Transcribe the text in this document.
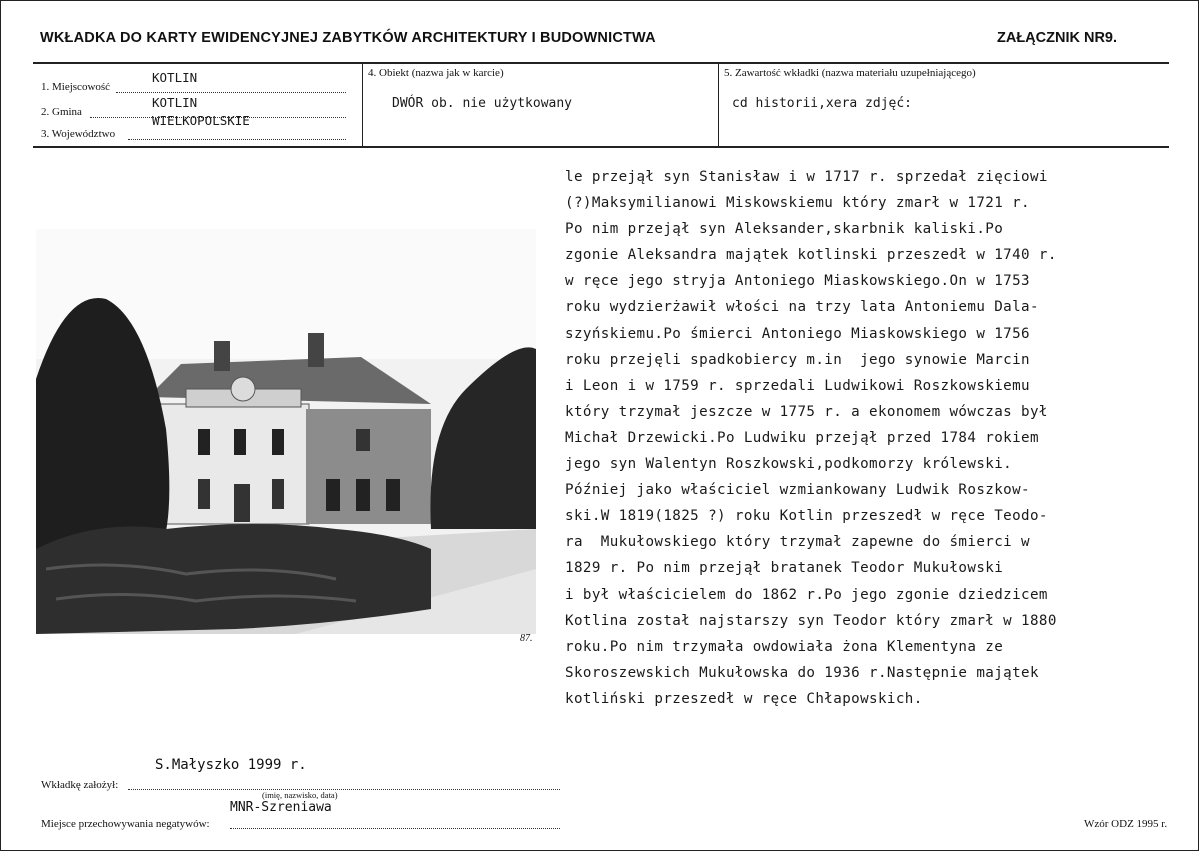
WKŁADKA DO KARTY EWIDENCYJNEJ ZABYTKÓW ARCHITEKTURY I BUDOWNICTWA	ZAŁĄCZNIK NR9.
KOTLIN
1. Miejscowość
KOTLIN
2. Gmina
WIELKOPOLSKIE
3. Województwo
4. Obiekt (nazwa jak w karcie)
DWÓR ob. nie użytkowany
5. Zawartość wkładki (nazwa materiału uzupełniającego)
cd historii,xera zdjęć:
87.
le przejął syn Stanisław i w 1717 r. sprzedał zięciowi
(?)Maksymilianowi Miskowskiemu który zmarł w 1721 r.
Po nim przejął syn Aleksander,skarbnik kaliski.Po
zgonie Aleksandra majątek kotlinski przeszedł w 1740 r.
w ręce jego stryja Antoniego Miaskowskiego.On w 1753
roku wydzierżawił włości na trzy lata Antoniemu Dala-
szyńskiemu.Po śmierci Antoniego Miaskowskiego w 1756
roku przejęli spadkobiercy m.in  jego synowie Marcin
i Leon i w 1759 r. sprzedali Ludwikowi Roszkowskiemu
który trzymał jeszcze w 1775 r. a ekonomem wówczas był
Michał Drzewicki.Po Ludwiku przejął przed 1784 rokiem
jego syn Walentyn Roszkowski,podkomorzy królewski.
Później jako właściciel wzmiankowany Ludwik Roszkow-
ski.W 1819(1825 ?) roku Kotlin przeszedł w ręce Teodo-
ra  Mukułowskiego który trzymał zapewne do śmierci w
1829 r. Po nim przejął bratanek Teodor Mukułowski
i był właścicielem do 1862 r.Po jego zgonie dziedzicem
Kotlina został najstarszy syn Teodor który zmarł w 1880
roku.Po nim trzymała owdowiała żona Klementyna ze
Skoroszewskich Mukułowska do 1936 r.Następnie majątek
kotliński przeszedł w ręce Chłapowskich.
S.Małyszko 1999 r.
Wkładkę założył:
(imię, nazwisko, data)
MNR-Szreniawa
Miejsce przechowywania negatywów:	Wzór ODZ 1995 r.
